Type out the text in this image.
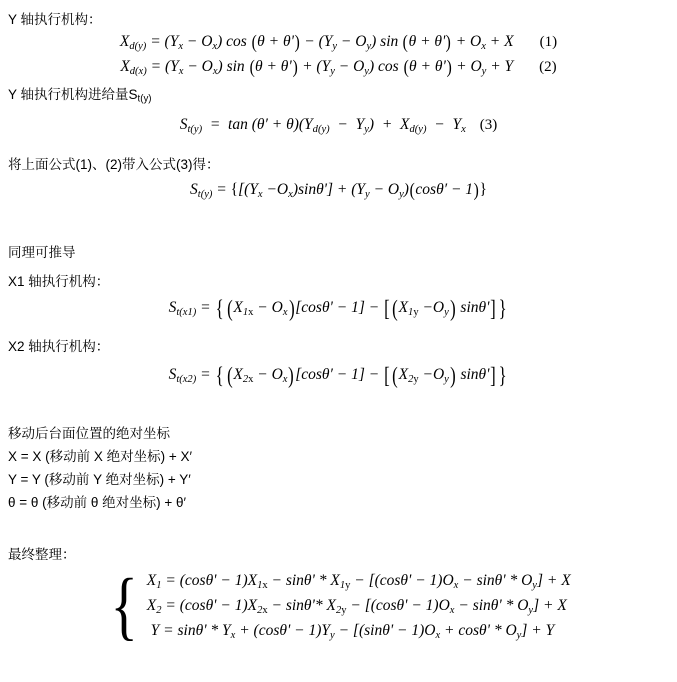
Y 轴执行机构：
$X_{d(y)} = (Y_x - O_x)$ $\cos (\theta + \theta') - (Y_y - O_y)$ $\sin (\theta + \theta') + O_x + X$ (1)
$X_{d(x)} = (Y_x - O_x)$ $\sin (\theta + \theta') + (Y_y - O_y)$ $\cos (\theta + \theta') + O_y + Y$ (2)
Y 轴执行机构进给量St(y)
$S_{t(y)} = \tan (\theta' + \theta)(Y_{d(y)} - Y_y) + X_{d(y)} - Y_x$ (3)
将上面公式(1)、(2)带入公式(3)得：
$S_{t(y)} = \{[(Y_x -O_x)\sin\theta'] + (Y_y - O_y)(\cos\theta' - 1)\}$
同理可推导
X1 轴执行机构：
$S_{t(x1)}$ = { $(X_{1x} - O_x)[\cos\theta' - 1] - [(X_{1y} -O_y)$ sinθ'] }
X2 轴执行机构：
$S_{t(x2)}$ = { $(X_{2x} - O_x)[\cos\theta' - 1] - [(X_{2y} -O_y)$ sinθ'] }
移动后台面位置的绝对坐标
X = X (移动前 X 绝对坐标) + X′
Y = Y (移动前 Y 绝对坐标) + Y′
θ = θ (移动前 θ 绝对坐标) + θ′
最终整理：
{ $X_1 = (\cos\theta' - 1)X_{1x} - \sin\theta' * X_{1y} - [(\cos\theta' - 1)O_x - \sin\theta' * O_y] + X$
$X_2 = (\cos\theta' - 1)X_{2x} - \sin\theta'*$ $X_{2y} - [(\cos\theta' - 1)O_x - \sin\theta' * O_y] + X$
$Y = \sin\theta' * Y_x + (\cos\theta' - 1)Y_y - [(\sin\theta' - 1)O_x + \cos\theta' * O_y] + Y$
